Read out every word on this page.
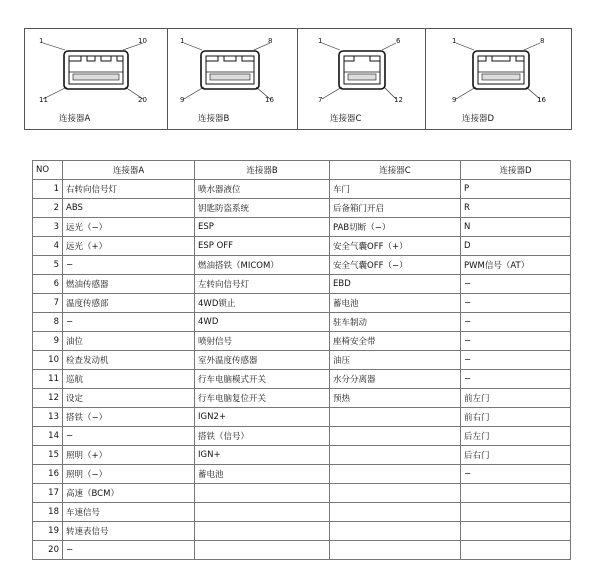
1	10
11	20
连接器A
1	8
9	16
连接器B
1	6
7	12
连接器C
1	8
9	16
连接器D
NO	连接器A	连接器B	连接器C	连接器D
1	右转向信号灯	喷水器液位	车门	P
2	ABS	钥匙防盗系统	后备箱门开启	R
3	远光（−）	ESP	PAB切断（−）	N
4	远光（+）	ESP OFF	安全气囊OFF（+）	D
5	−	燃油搭铁（MICOM）	安全气囊OFF（−）	PWM信号（AT）
6	燃油传感器	左转向信号灯	EBD	−
7	温度传感部	4WD锁止	蓄电池	−
8	−	4WD	驻车制动	−
9	油位	喷射信号	座椅安全带	−
10	检查发动机	室外温度传感器	油压	−
11	巡航	行车电脑模式开关	水分分离器	−
12	设定	行车电脑复位开关	预热	前左门
13	搭铁（−）	IGN2+		前右门
14	−	搭铁（信号）		后左门
15	照明（+）	IGN+		后右门
16	照明（−）	蓄电池		−
17	高速（BCM）			
18	车速信号			
19	转速表信号			
20	−			
